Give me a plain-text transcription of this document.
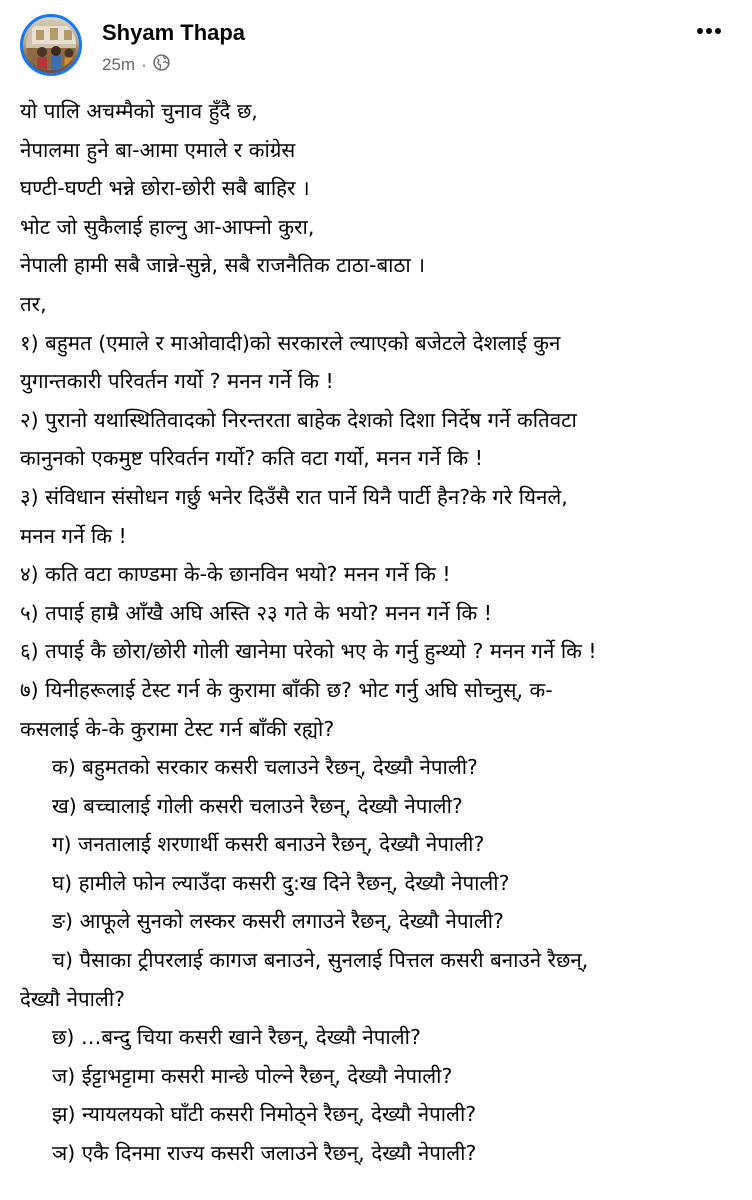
Shyam Thapa
25m ·
यो पालि अचम्मैको चुनाव हुँदै छ,
नेपालमा हुने बा-आमा एमाले र कांग्रेस
घण्टी-घण्टी भन्ने छोरा-छोरी सबै बाहिर ।
भोट जो सुकैलाई हाल्नु आ-आफ्नो कुरा,
नेपाली हामी सबै जान्ने-सुन्ने, सबै राजनैतिक टाठा-बाठा ।
तर,
१) बहुमत (एमाले र माओवादी)को सरकारले ल्याएको बजेटले देशलाई कुन
युगान्तकारी परिवर्तन गर्यो ? मनन गर्ने कि !
२) पुरानो यथास्थितिवादको निरन्तरता बाहेक देशको दिशा निर्देष गर्ने कतिवटा
कानुनको एकमुष्ट परिवर्तन गर्यो? कति वटा गर्यो, मनन गर्ने कि !
३) संविधान संसोधन गर्छु भनेर दिउँसै रात पार्ने यिनै पार्टी हैन?के गरे यिनले,
मनन गर्ने कि !
४) कति वटा काण्डमा के-के छानविन भयो? मनन गर्ने कि !
५) तपाई हाम्रै आँखै अघि अस्ति २३ गते के भयो? मनन गर्ने कि !
६) तपाई कै छोरा/छोरी गोली खानेमा परेको भए के गर्नु हुन्थ्यो ? मनन गर्ने कि !
७) यिनीहरूलाई टेस्ट गर्न के कुरामा बाँकी छ? भोट गर्नु अघि सोच्नुस्, क-
कसलाई के-के कुरामा टेस्ट गर्न बाँकी रह्यो?
क) बहुमतको सरकार कसरी चलाउने रैछन्, देख्यौ नेपाली?
ख) बच्चालाई गोली कसरी चलाउने रैछन्, देख्यौ नेपाली?
ग) जनतालाई शरणार्थी कसरी बनाउने रैछन्, देख्यौ नेपाली?
घ) हामीले फोन ल्याउँदा कसरी दु:ख दिने रैछन्, देख्यौ नेपाली?
ङ) आफूले सुनको लस्कर कसरी लगाउने रैछन्, देख्यौ नेपाली?
च) पैसाका ट्रीपरलाई कागज बनाउने, सुनलाई पित्तल कसरी बनाउने रैछन्,
देख्यौ नेपाली?
छ) …बन्दु चिया कसरी खाने रैछन्, देख्यौ नेपाली?
ज) ईट्टाभट्टामा कसरी मान्छे पोल्ने रैछन्, देख्यौ नेपाली?
झ) न्यायलयको घाँटी कसरी निमोठ्ने रैछन्, देख्यौ नेपाली?
ञ) एकै दिनमा राज्य कसरी जलाउने रैछन्, देख्यौ नेपाली?
